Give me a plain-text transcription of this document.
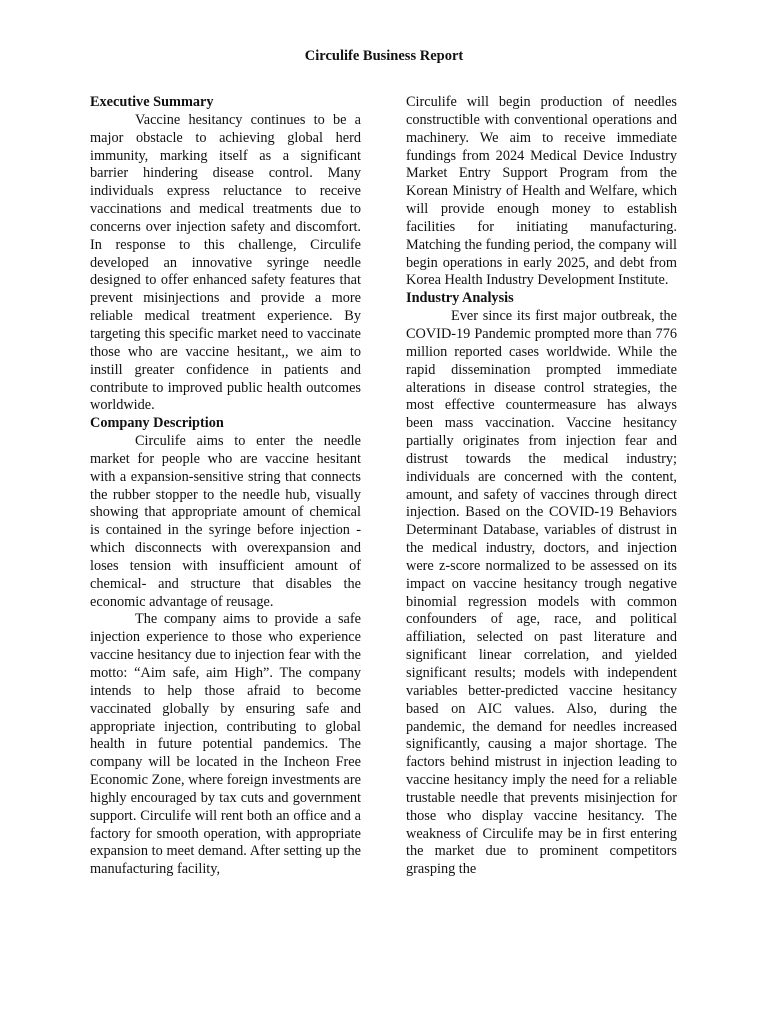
Circulife Business Report
Executive Summary

Vaccine hesitancy continues to be a major obstacle to achieving global herd immunity, marking itself as a significant barrier hindering disease control. Many individuals express reluctance to receive vaccinations and medical treatments due to concerns over injection safety and discomfort. In response to this challenge, Circulife developed an innovative syringe needle designed to offer enhanced safety features that prevent misinjections and provide a more reliable medical treatment experience. By targeting this specific market need to vaccinate those who are vaccine hesitant,, we aim to instill greater confidence in patients and contribute to improved public health outcomes worldwide.

Company Description

Circulife aims to enter the needle market for people who are vaccine hesitant with a expansion-sensitive string that connects the rubber stopper to the needle hub, visually showing that appropriate amount of chemical is contained in the syringe before injection - which disconnects with overexpansion and loses tension with insufficient amount of chemical- and structure that disables the economic advantage of reusage.

The company aims to provide a safe injection experience to those who experience vaccine hesitancy due to injection fear with the motto: “Aim safe, aim High”. The company intends to help those afraid to become vaccinated globally by ensuring safe and appropriate injection, contributing to global health in future potential pandemics. The company will be located in the Incheon Free Economic Zone, where foreign investments are highly encouraged by tax cuts and government support. Circulife will rent both an office and a factory for smooth operation, with appropriate expansion to meet demand. After setting up the manufacturing facility,

Circulife will begin production of needles constructible with conventional operations and machinery. We aim to receive immediate fundings from 2024 Medical Device Industry Market Entry Support Program from the Korean Ministry of Health and Welfare, which will provide enough money to establish facilities for initiating manufacturing. Matching the funding period, the company will begin operations in early 2025, and debt from Korea Health Industry Development Institute.

Industry Analysis

Ever since its first major outbreak, the COVID-19 Pandemic prompted more than 776 million reported cases worldwide. While the rapid dissemination prompted immediate alterations in disease control strategies, the most effective countermeasure has always been mass vaccination. Vaccine hesitancy partially originates from injection fear and distrust towards the medical industry; individuals are concerned with the content, amount, and safety of vaccines through direct injection. Based on the COVID-19 Behaviors Determinant Database, variables of distrust in the medical industry, doctors, and injection were z-score normalized to be assessed on its impact on vaccine hesitancy trough negative binomial regression models with common confounders of age, race, and political affiliation, selected on past literature and significant linear correlation, and yielded significant results; models with independent variables better-predicted vaccine hesitancy based on AIC values. Also, during the pandemic, the demand for needles increased significantly, causing a major shortage. The factors behind mistrust in injection leading to vaccine hesitancy imply the need for a reliable trustable needle that prevents misinjection for those who display vaccine hesitancy. The weakness of Circulife may be in first entering the market due to prominent competitors grasping the
